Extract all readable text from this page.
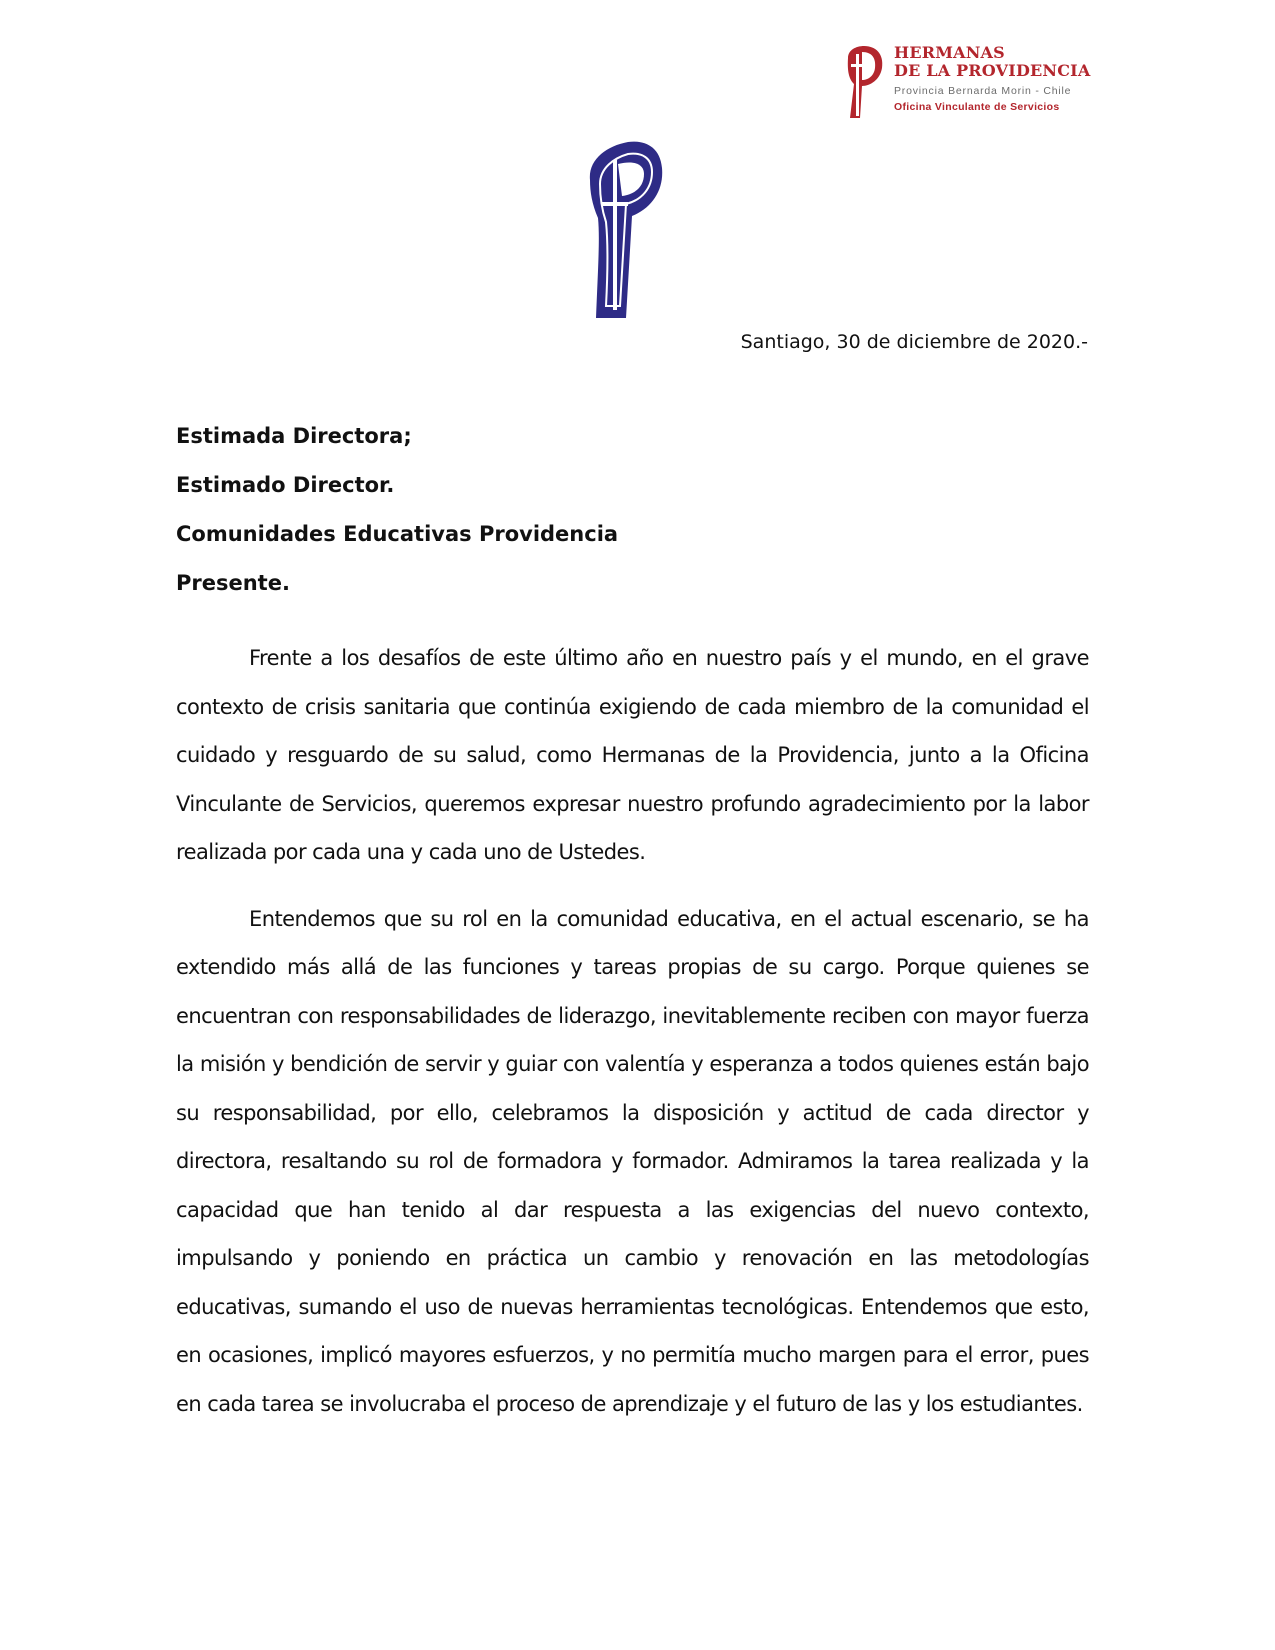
HERMANAS
DE LA PROVIDENCIA
Provincia Bernarda Morin - Chile
Oficina Vinculante de Servicios
Santiago, 30 de diciembre de 2020.-
Estimada Directora;
Estimado Director.
Comunidades Educativas Providencia
Presente.

Frente a los desafíos de este último año en nuestro país y el mundo, en el grave contexto de crisis sanitaria que continúa exigiendo de cada miembro de la comunidad el cuidado y resguardo de su salud, como Hermanas de la Providencia, junto a la Oficina Vinculante de Servicios, queremos expresar nuestro profundo agradecimiento por la labor realizada por cada una y cada uno de Ustedes.

Entendemos que su rol en la comunidad educativa, en el actual escenario, se ha extendido más allá de las funciones y tareas propias de su cargo. Porque quienes se encuentran con responsabilidades de liderazgo, inevitablemente reciben con mayor fuerza la misión y bendición de servir y guiar con valentía y esperanza a todos quienes están bajo su responsabilidad, por ello, celebramos la disposición y actitud de cada director y directora, resaltando su rol de formadora y formador. Admiramos la tarea realizada y la capacidad que han tenido al dar respuesta a las exigencias del nuevo contexto, impulsando y poniendo en práctica un cambio y renovación en las metodologías educativas, sumando el uso de nuevas herramientas tecnológicas. Entendemos que esto, en ocasiones, implicó mayores esfuerzos, y no permitía mucho margen para el error, pues en cada tarea se involucraba el proceso de aprendizaje y el futuro de las y los estudiantes.
